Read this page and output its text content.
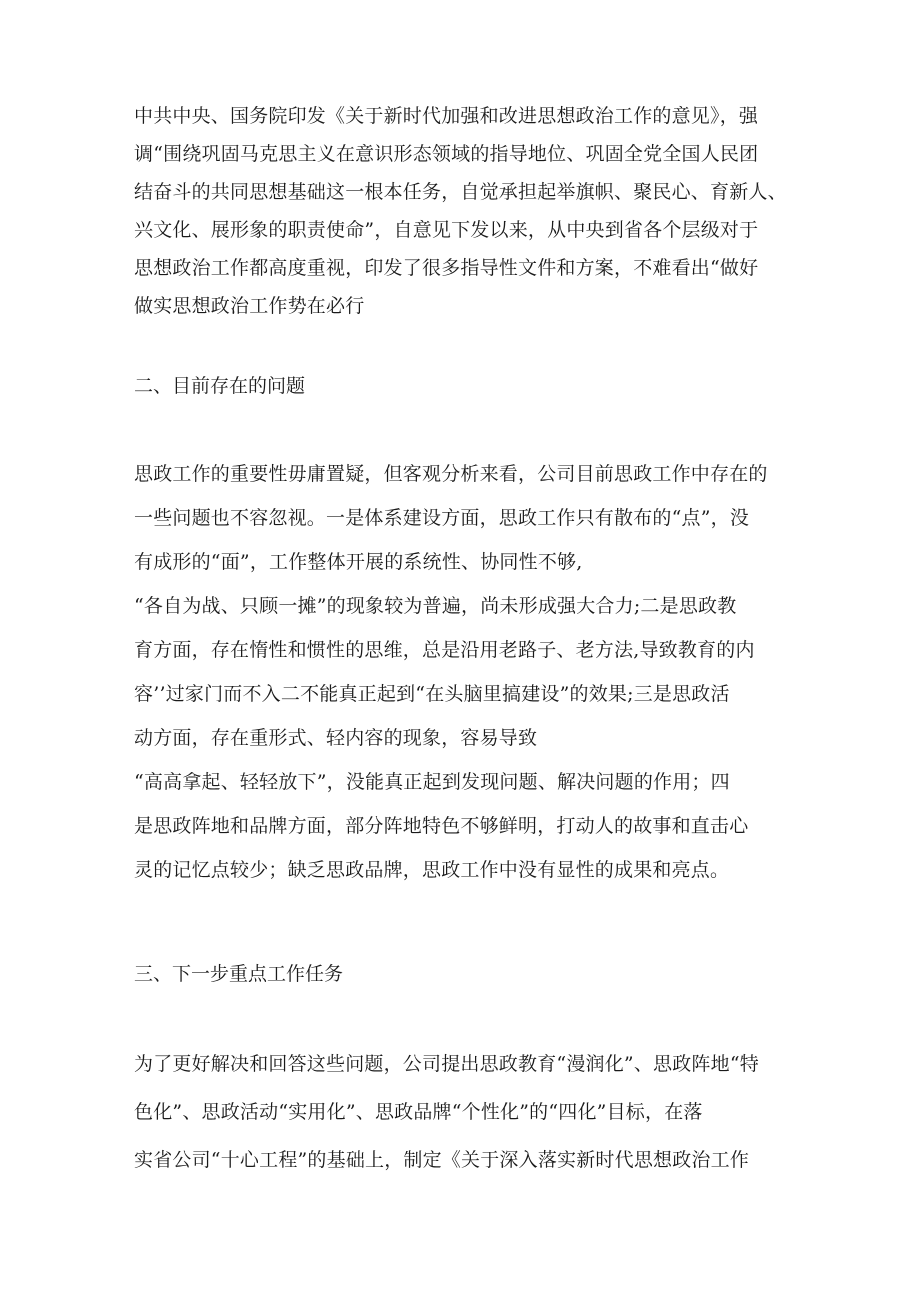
中共中央、国务院印发《关于新时代加强和改进思想政治工作的意见》，强
调“围绕巩固马克思主义在意识形态领域的指导地位、巩固全党全国人民团
结奋斗的共同思想基础这一根本任务，自觉承担起举旗帜、聚民心、育新人、
兴文化、展形象的职责使命”，自意见下发以来，从中央到省各个层级对于
思想政治工作都高度重视，印发了很多指导性文件和方案，不难看出“做好
做实思想政治工作势在必行
二、目前存在的问题
思政工作的重要性毋庸置疑，但客观分析来看，公司目前思政工作中存在的
一些问题也不容忽视。一是体系建设方面，思政工作只有散布的“点”，没
有成形的“面”，工作整体开展的系统性、协同性不够,
“各自为战、只顾一摊”的现象较为普遍，尚未形成强大合力;二是思政教
育方面，存在惰性和惯性的思维，总是沿用老路子、老方法,导致教育的内
容’’过家门而不入二不能真正起到“在头脑里搞建设”的效果;三是思政活
动方面，存在重形式、轻内容的现象，容易导致
“高高拿起、轻轻放下”，没能真正起到发现问题、解决问题的作用；四
是思政阵地和品牌方面，部分阵地特色不够鲜明，打动人的故事和直击心
灵的记忆点较少；缺乏思政品牌，思政工作中没有显性的成果和亮点。
三、下一步重点工作任务
为了更好解决和回答这些问题，公司提出思政教育“漫润化”、思政阵地“特
色化”、思政活动“实用化”、思政品牌“个性化”的“四化”目标，在落
实省公司“十心工程”的基础上，制定《关于深入落实新时代思想政治工作
